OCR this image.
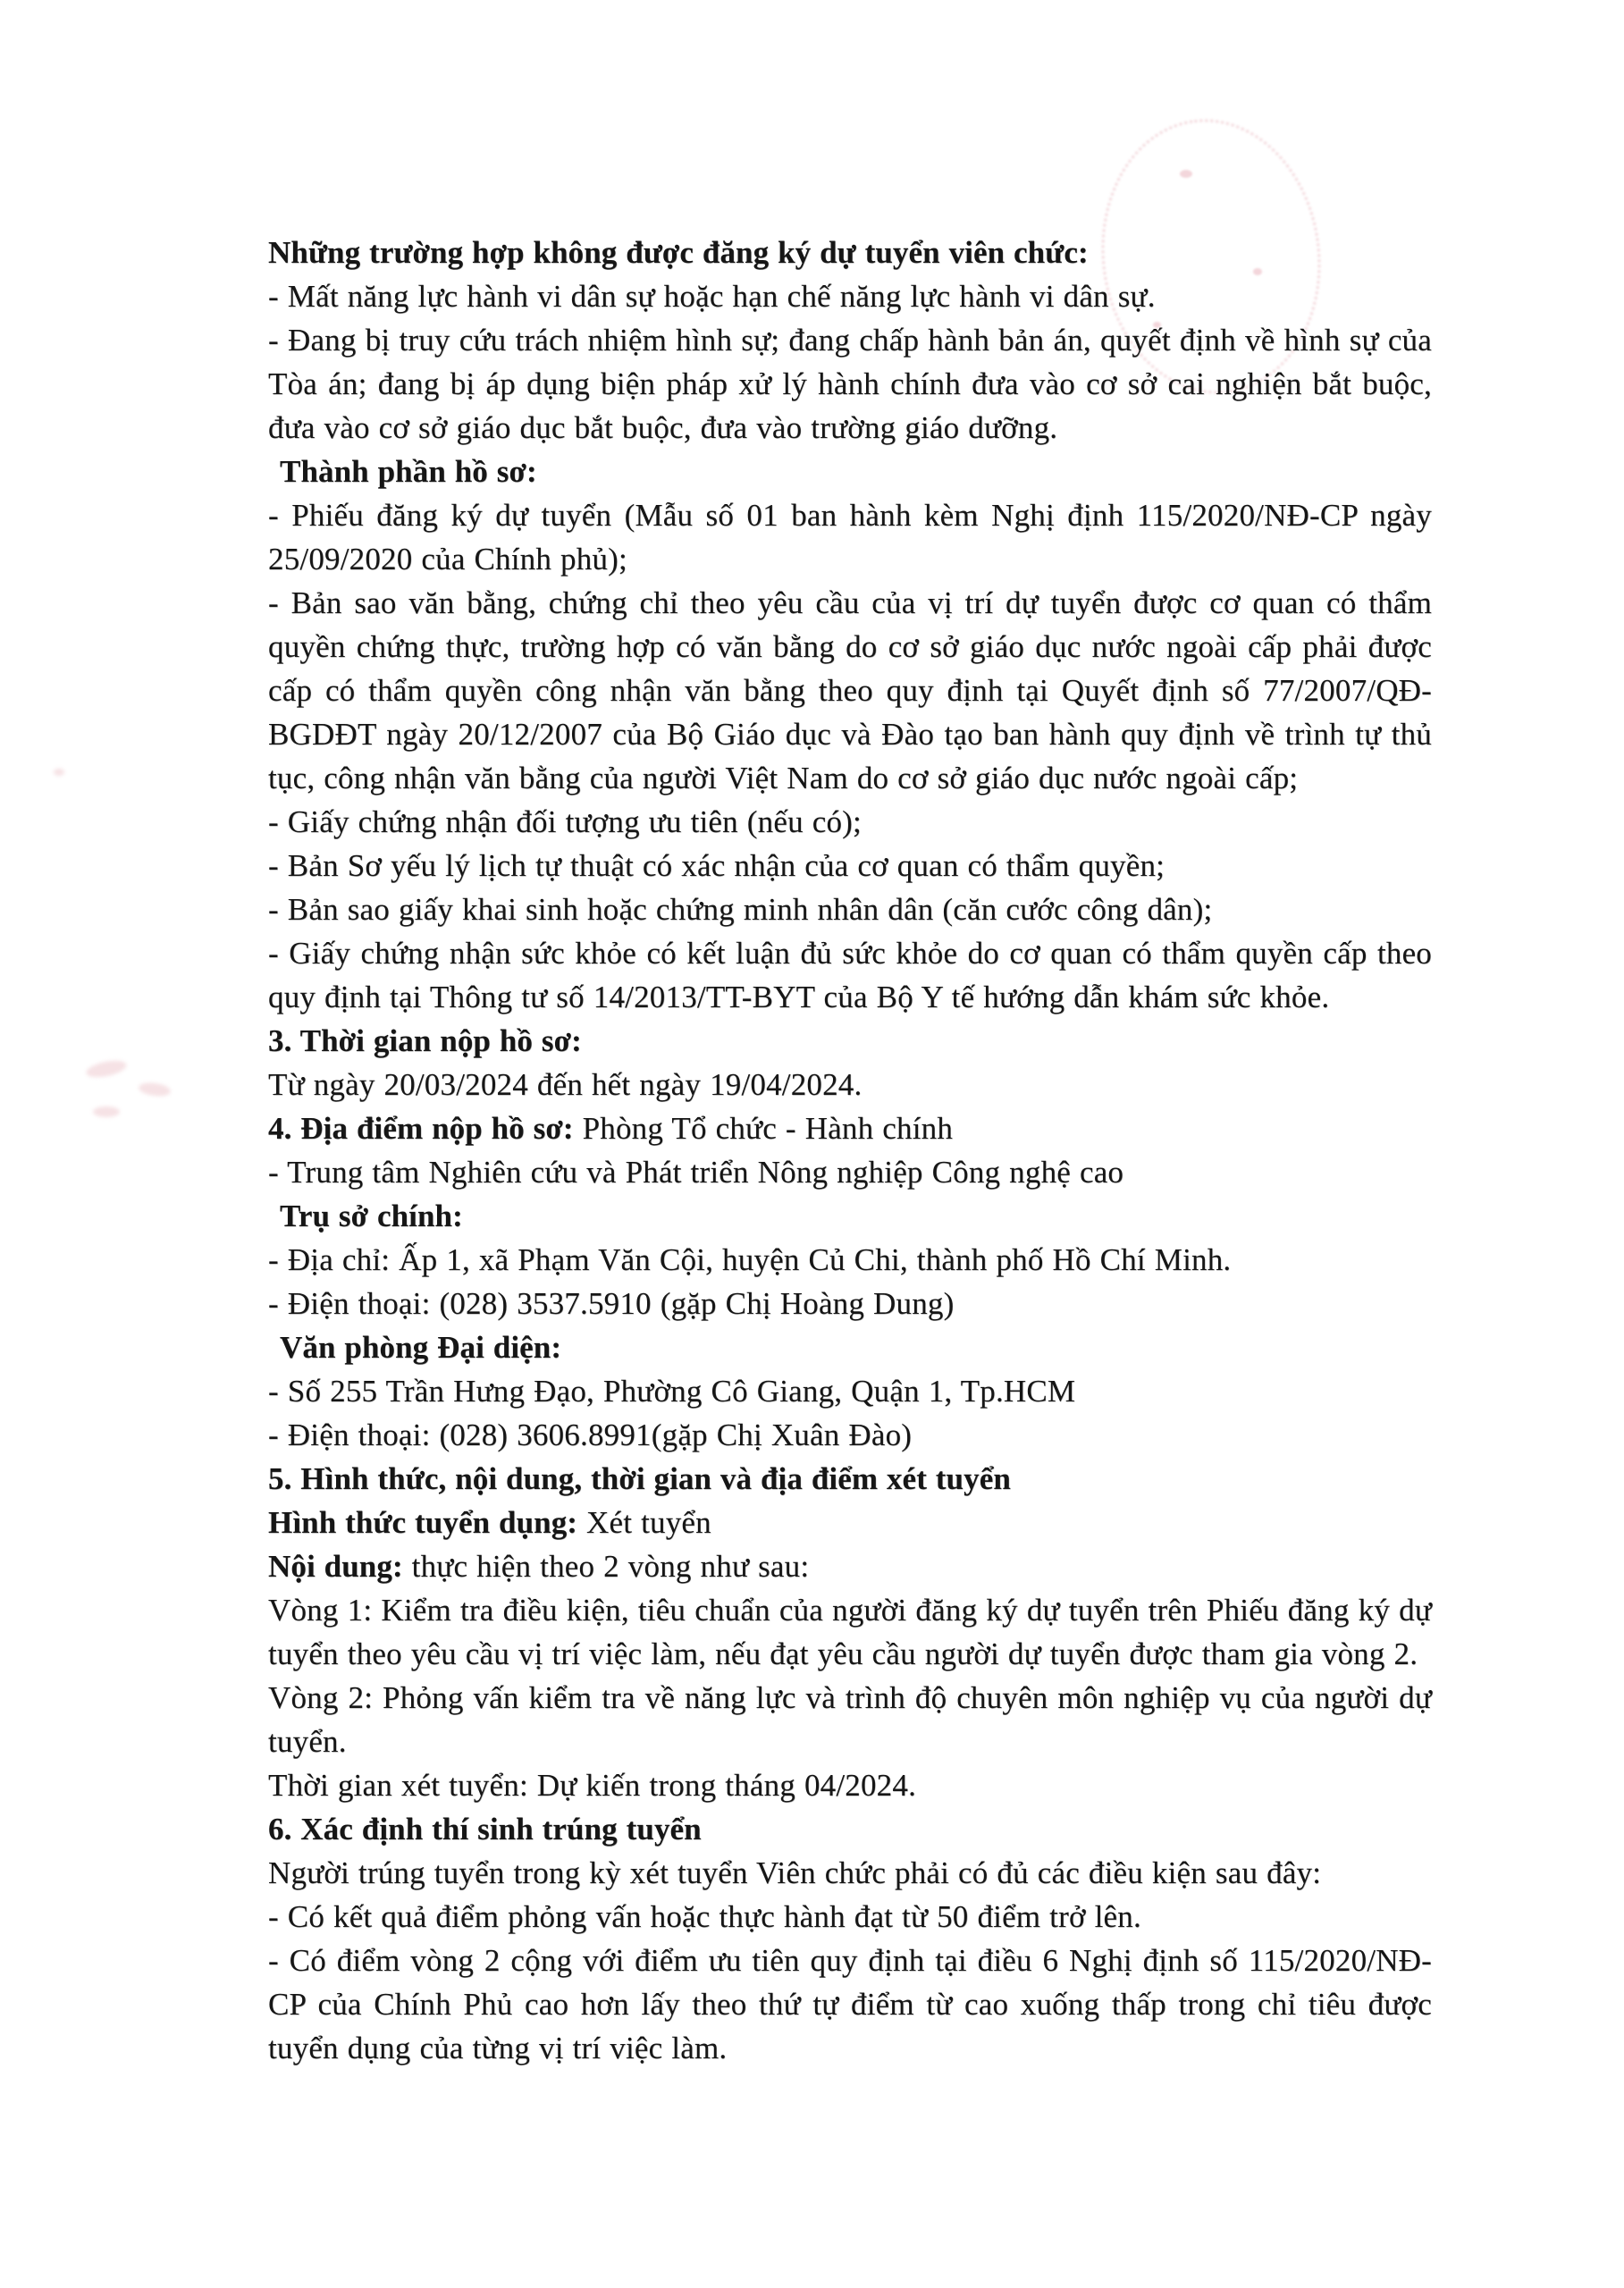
Những trường hợp không được đăng ký dự tuyển viên chức:

- Mất năng lực hành vi dân sự hoặc hạn chế năng lực hành vi dân sự.

- Đang bị truy cứu trách nhiệm hình sự; đang chấp hành bản án, quyết định về hình sự của Tòa án; đang bị áp dụng biện pháp xử lý hành chính đưa vào cơ sở cai nghiện bắt buộc, đưa vào cơ sở giáo dục bắt buộc, đưa vào trường giáo dưỡng.

Thành phần hồ sơ:

- Phiếu đăng ký dự tuyển (Mẫu số 01 ban hành kèm Nghị định 115/2020/NĐ-CP ngày 25/09/2020 của Chính phủ);

- Bản sao văn bằng, chứng chỉ theo yêu cầu của vị trí dự tuyển được cơ quan có thẩm quyền chứng thực, trường hợp có văn bằng do cơ sở giáo dục nước ngoài cấp phải được cấp có thẩm quyền công nhận văn bằng theo quy định tại Quyết định số 77/2007/QĐ-BGDĐT ngày 20/12/2007 của Bộ Giáo dục và Đào tạo ban hành quy định về trình tự thủ tục, công nhận văn bằng của người Việt Nam do cơ sở giáo dục nước ngoài cấp;

- Giấy chứng nhận đối tượng ưu tiên (nếu có);

- Bản Sơ yếu lý lịch tự thuật có xác nhận của cơ quan có thẩm quyền;

- Bản sao giấy khai sinh hoặc chứng minh nhân dân (căn cước công dân);

- Giấy chứng nhận sức khỏe có kết luận đủ sức khỏe do cơ quan có thẩm quyền cấp theo quy định tại Thông tư số 14/2013/TT-BYT của Bộ Y tế hướng dẫn khám sức khỏe.

3. Thời gian nộp hồ sơ:

Từ ngày 20/03/2024 đến hết ngày 19/04/2024.

4. Địa điểm nộp hồ sơ: Phòng Tổ chức - Hành chính

- Trung tâm Nghiên cứu và Phát triển Nông nghiệp Công nghệ cao

Trụ sở chính:

- Địa chỉ: Ấp 1, xã Phạm Văn Cội, huyện Củ Chi, thành phố Hồ Chí Minh.

- Điện thoại: (028) 3537.5910 (gặp Chị Hoàng Dung)

Văn phòng Đại diện:

- Số 255 Trần Hưng Đạo, Phường Cô Giang, Quận 1, Tp.HCM

- Điện thoại: (028) 3606.8991(gặp Chị Xuân Đào)

5. Hình thức, nội dung, thời gian và địa điểm xét tuyển

Hình thức tuyển dụng: Xét tuyển

Nội dung: thực hiện theo 2 vòng như sau:

Vòng 1: Kiểm tra điều kiện, tiêu chuẩn của người đăng ký dự tuyển trên Phiếu đăng ký dự tuyển theo yêu cầu vị trí việc làm, nếu đạt yêu cầu người dự tuyển được tham gia vòng 2.

Vòng 2: Phỏng vấn kiểm tra về năng lực và trình độ chuyên môn nghiệp vụ của người dự tuyển.

Thời gian xét tuyển: Dự kiến trong tháng 04/2024.

6. Xác định thí sinh trúng tuyển

Người trúng tuyển trong kỳ xét tuyển Viên chức phải có đủ các điều kiện sau đây:

- Có kết quả điểm phỏng vấn hoặc thực hành đạt từ 50 điểm trở lên.

- Có điểm vòng 2 cộng với điểm ưu tiên quy định tại điều 6 Nghị định số 115/2020/NĐ-CP của Chính Phủ cao hơn lấy theo thứ tự điểm từ cao xuống thấp trong chỉ tiêu được tuyển dụng của từng vị trí việc làm.
